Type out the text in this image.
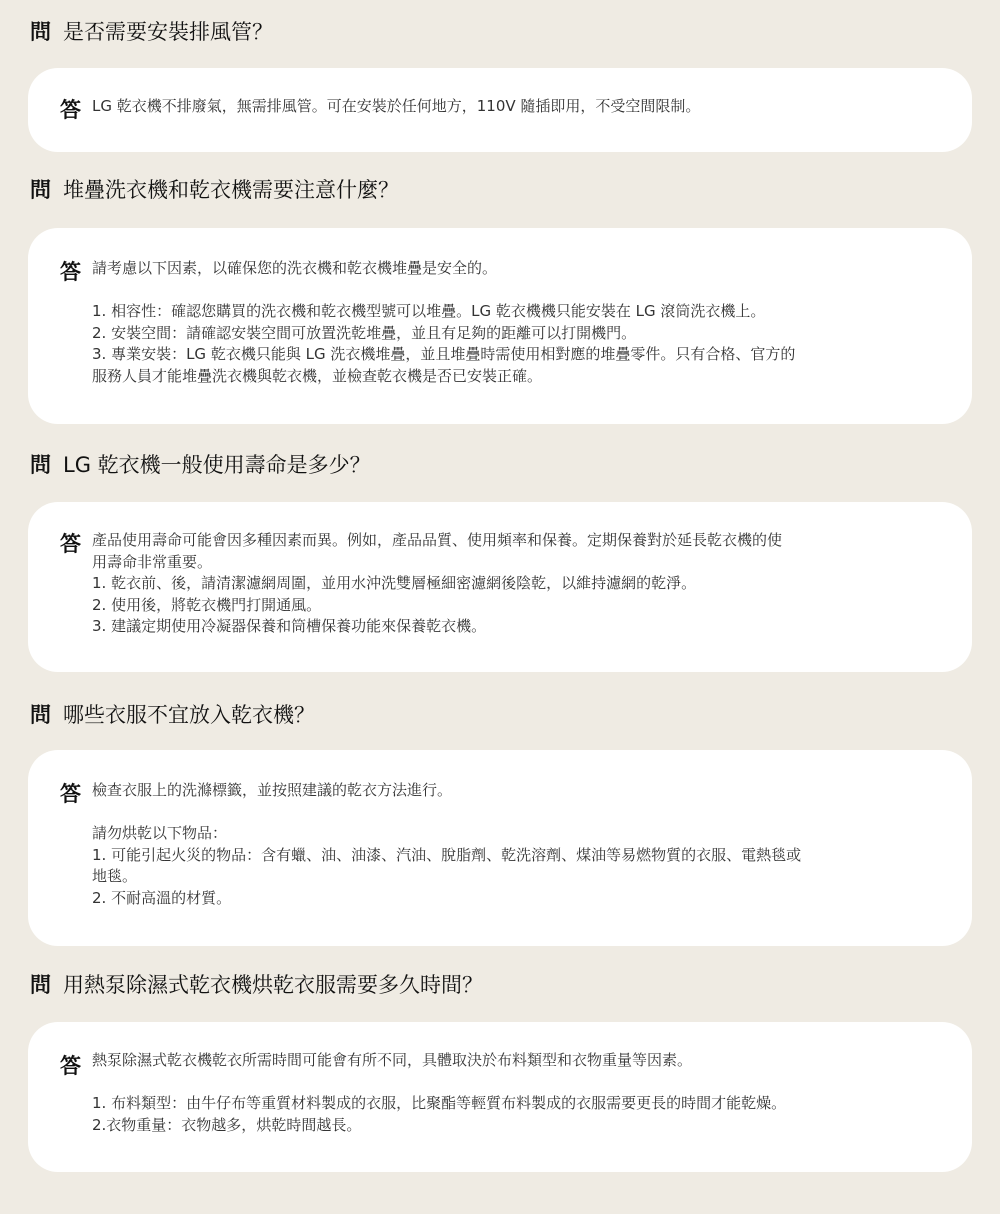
問 是否需要安裝排風管？
答 LG 乾衣機不排廢氣，無需排風管。可在安裝於任何地方，110V 隨插即用，不受空間限制。
問 堆疊洗衣機和乾衣機需要注意什麼？
答 請考慮以下因素，以確保您的洗衣機和乾衣機堆疊是安全的。
1. 相容性：確認您購買的洗衣機和乾衣機型號可以堆疊。LG 乾衣機機只能安裝在 LG 滾筒洗衣機上。
2. 安裝空間：請確認安裝空間可放置洗乾堆疊，並且有足夠的距離可以打開機門。
3. 專業安裝：LG 乾衣機只能與 LG 洗衣機堆疊，並且堆疊時需使用相對應的堆疊零件。只有合格、官方的
服務人員才能堆疊洗衣機與乾衣機，並檢查乾衣機是否已安裝正確。
問 LG 乾衣機一般使用壽命是多少？
答 產品使用壽命可能會因多種因素而異。例如，產品品質、使用頻率和保養。定期保養對於延長乾衣機的使
用壽命非常重要。
1. 乾衣前、後，請清潔濾網周圍，並用水沖洗雙層極細密濾網後陰乾，以維持濾網的乾淨。
2. 使用後，將乾衣機門打開通風。
3. 建議定期使用冷凝器保養和筒槽保養功能來保養乾衣機。
問 哪些衣服不宜放入乾衣機？
答 檢查衣服上的洗滌標籤，並按照建議的乾衣方法進行。
請勿烘乾以下物品：
1. 可能引起火災的物品：含有蠟、油、油漆、汽油、脫脂劑、乾洗溶劑、煤油等易燃物質的衣服、電熱毯或
地毯。
2. 不耐高溫的材質。
問 用熱泵除濕式乾衣機烘乾衣服需要多久時間？
答 熱泵除濕式乾衣機乾衣所需時間可能會有所不同，具體取決於布料類型和衣物重量等因素。
1. 布料類型：由牛仔布等重質材料製成的衣服，比聚酯等輕質布料製成的衣服需要更長的時間才能乾燥。
2.衣物重量：衣物越多，烘乾時間越長。
